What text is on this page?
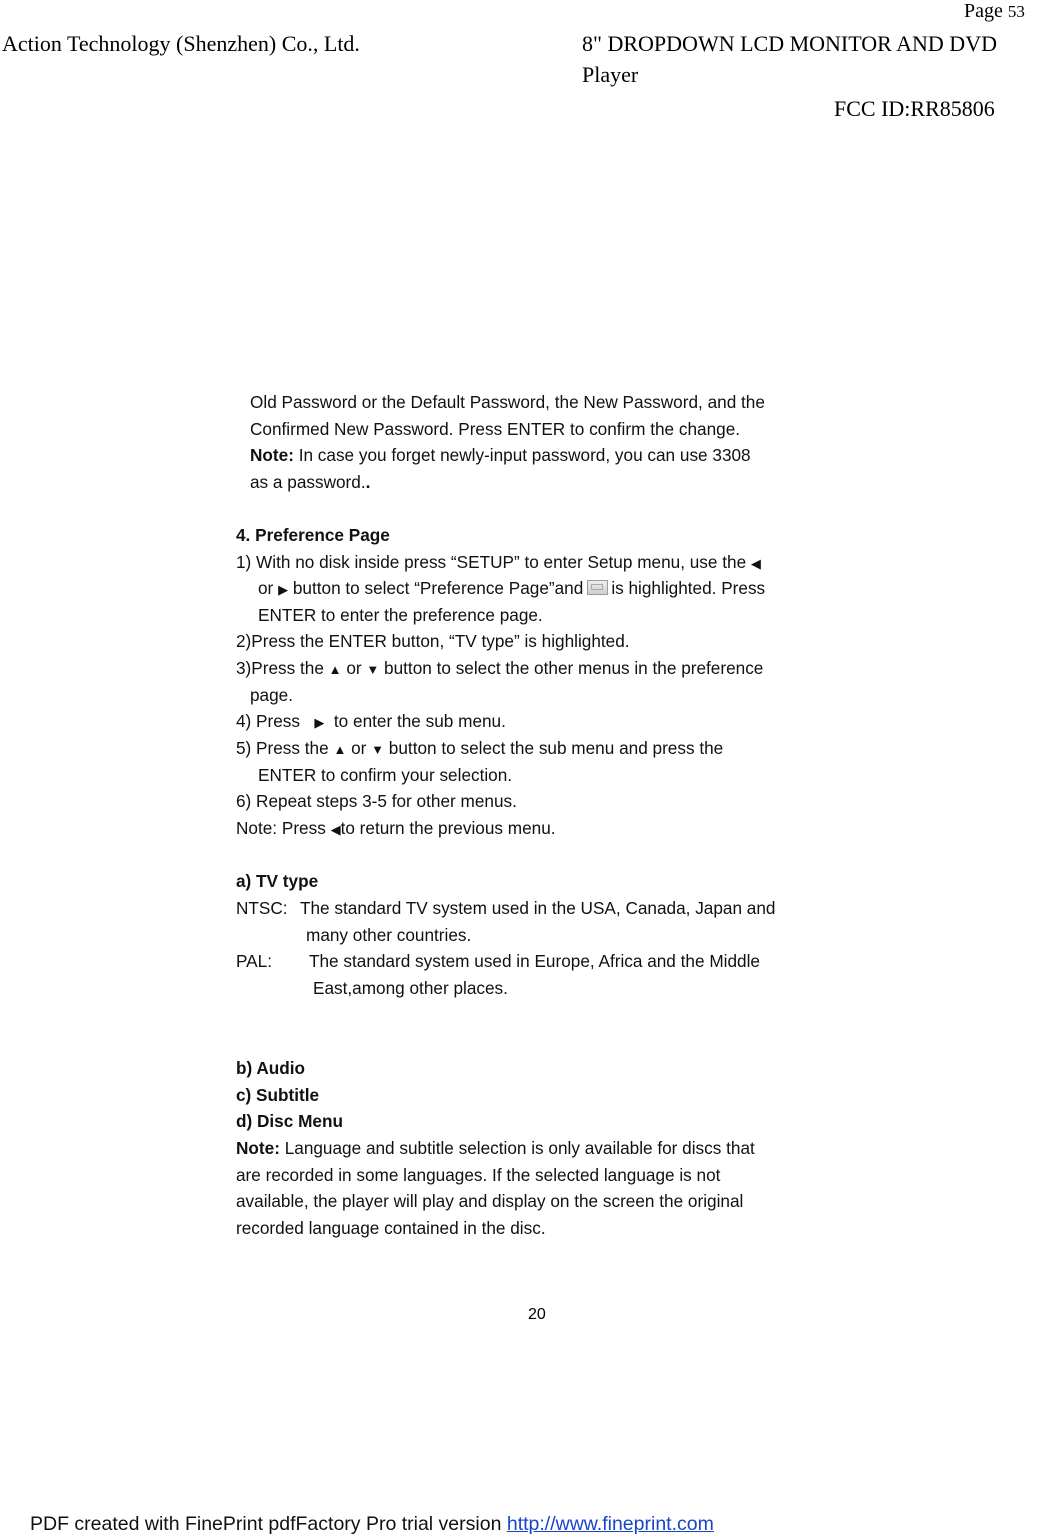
Page 53
Action Technology (Shenzhen) Co., Ltd.	8" DROPDOWN LCD MONITOR AND DVD
Player
FCC ID:RR85806
Old Password or the Default Password, the New Password, and the
Confirmed New Password. Press ENTER to confirm the change.
Note: In case you forget newly-input password, you can use 3308
as a password..
4. Preference Page
1) With no disk inside press “SETUP” to enter Setup menu, use the ◀
or ▶ button to select “Preference Page”and is highlighted. Press
ENTER to enter the preference page.
2)Press the ENTER button, “TV type” is highlighted.
3)Press the ▲ or ▼ button to select the other menus in the preference
page.
4) Press   ▶  to enter the sub menu.
5) Press the ▲ or ▼ button to select the sub menu and press the
ENTER to confirm your selection.
6) Repeat steps 3-5 for other menus.
Note: Press ◀to return the previous menu.
a) TV type
NTSC: The standard TV system used in the USA, Canada, Japan and
many other countries.
PAL: The standard system used in Europe, Africa and the Middle
East,among other places.
b) Audio
c) Subtitle
d) Disc Menu
Note: Language and subtitle selection is only available for discs that
are recorded in some languages. If the selected language is not
available, the player will play and display on the screen the original
recorded language contained in the disc.
20
PDF created with FinePrint pdfFactory Pro trial version http://www.fineprint.com
